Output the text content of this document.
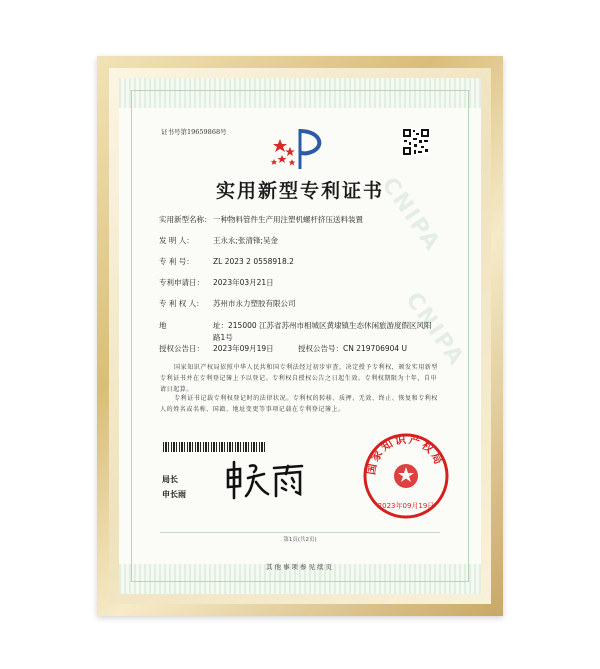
CNIPA
CNIPA
证书号第19659868号
实用新型专利证书
实用新型名称： 一种物料管件生产用注塑机螺杆挤压送料装置
发 明 人：	王永永;张清锋;吴金
专 利 号：	ZL 2023 2 0558918.2
专利申请日： 2023年03月21日
专 利 权 人： 苏州市永力塑胶有限公司
地	址：215000 江苏省苏州市相城区黄埭镇生态休闲旅游度假区风阳
路1号
授权公告日： 2023年09月19日	授权公告号：CN 219706904 U
国家知识产权局依照中华人民共和国专利法经过初步审查，决定授予专利权，颁发实用新型专利证书并在专利登记簿上予以登记。专利权自授权公告之日起生效。专利权期限为十年，自申请日起算。
专利证书记载专利权登记时的法律状况。专利权的转移、质押、无效、终止、恢复和专利权人的姓名或名称、国籍、地址变更等事项记载在专利登记簿上。
局长
申长雨
国家知识产权局
2023年09月19日
第1页(共2页)
其他事项参见续页
